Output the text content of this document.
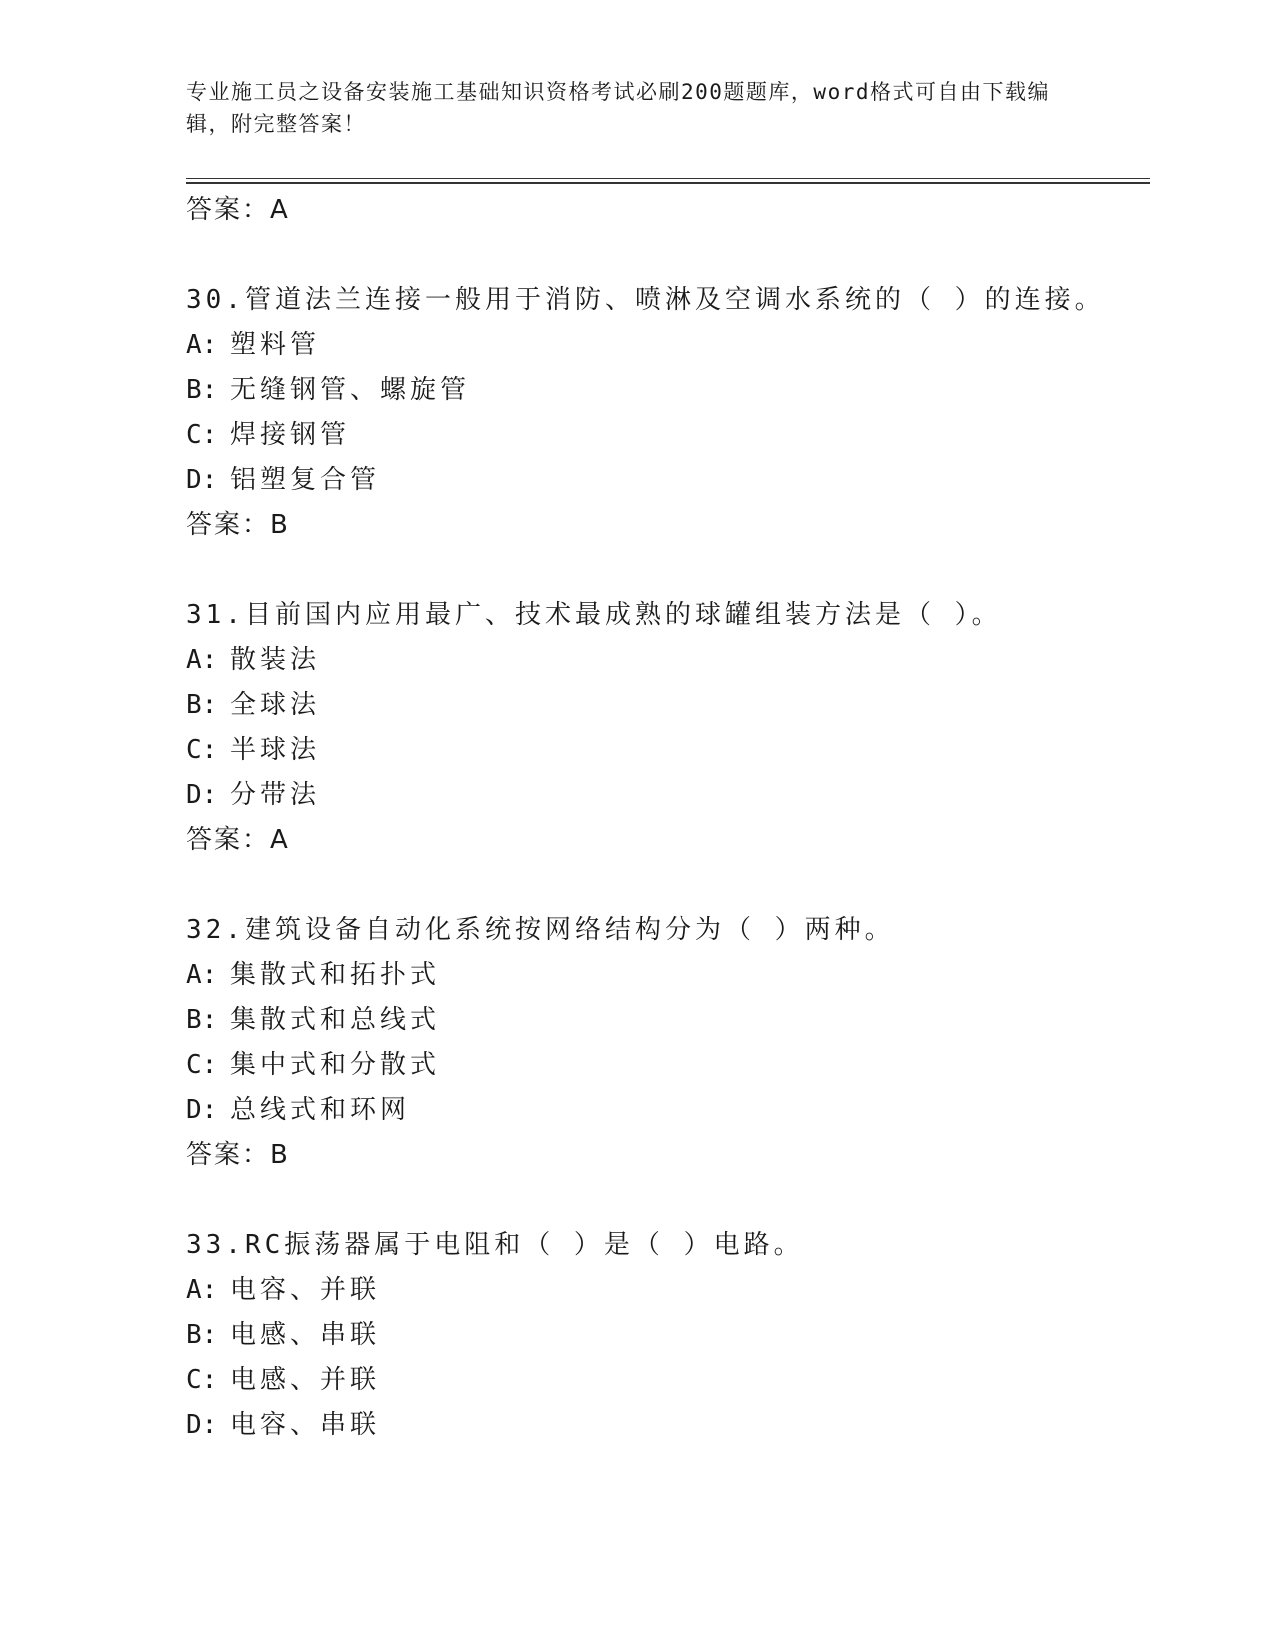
专业施工员之设备安装施工基础知识资格考试必刷200题题库，word格式可自由下载编辑，附完整答案！
答案：A
30.管道法兰连接一般用于消防、喷淋及空调水系统的（ ）的连接。
A: 塑料管
B: 无缝钢管、螺旋管
C: 焊接钢管
D: 铝塑复合管
答案：B
31.目前国内应用最广、技术最成熟的球罐组装方法是（ ）。
A: 散装法
B: 全球法
C: 半球法
D: 分带法
答案：A
32.建筑设备自动化系统按网络结构分为（ ）两种。
A: 集散式和拓扑式
B: 集散式和总线式
C: 集中式和分散式
D: 总线式和环网
答案：B
33.RC振荡器属于电阻和（ ）是（ ）电路。
A: 电容、并联
B: 电感、串联
C: 电感、并联
D: 电容、串联
